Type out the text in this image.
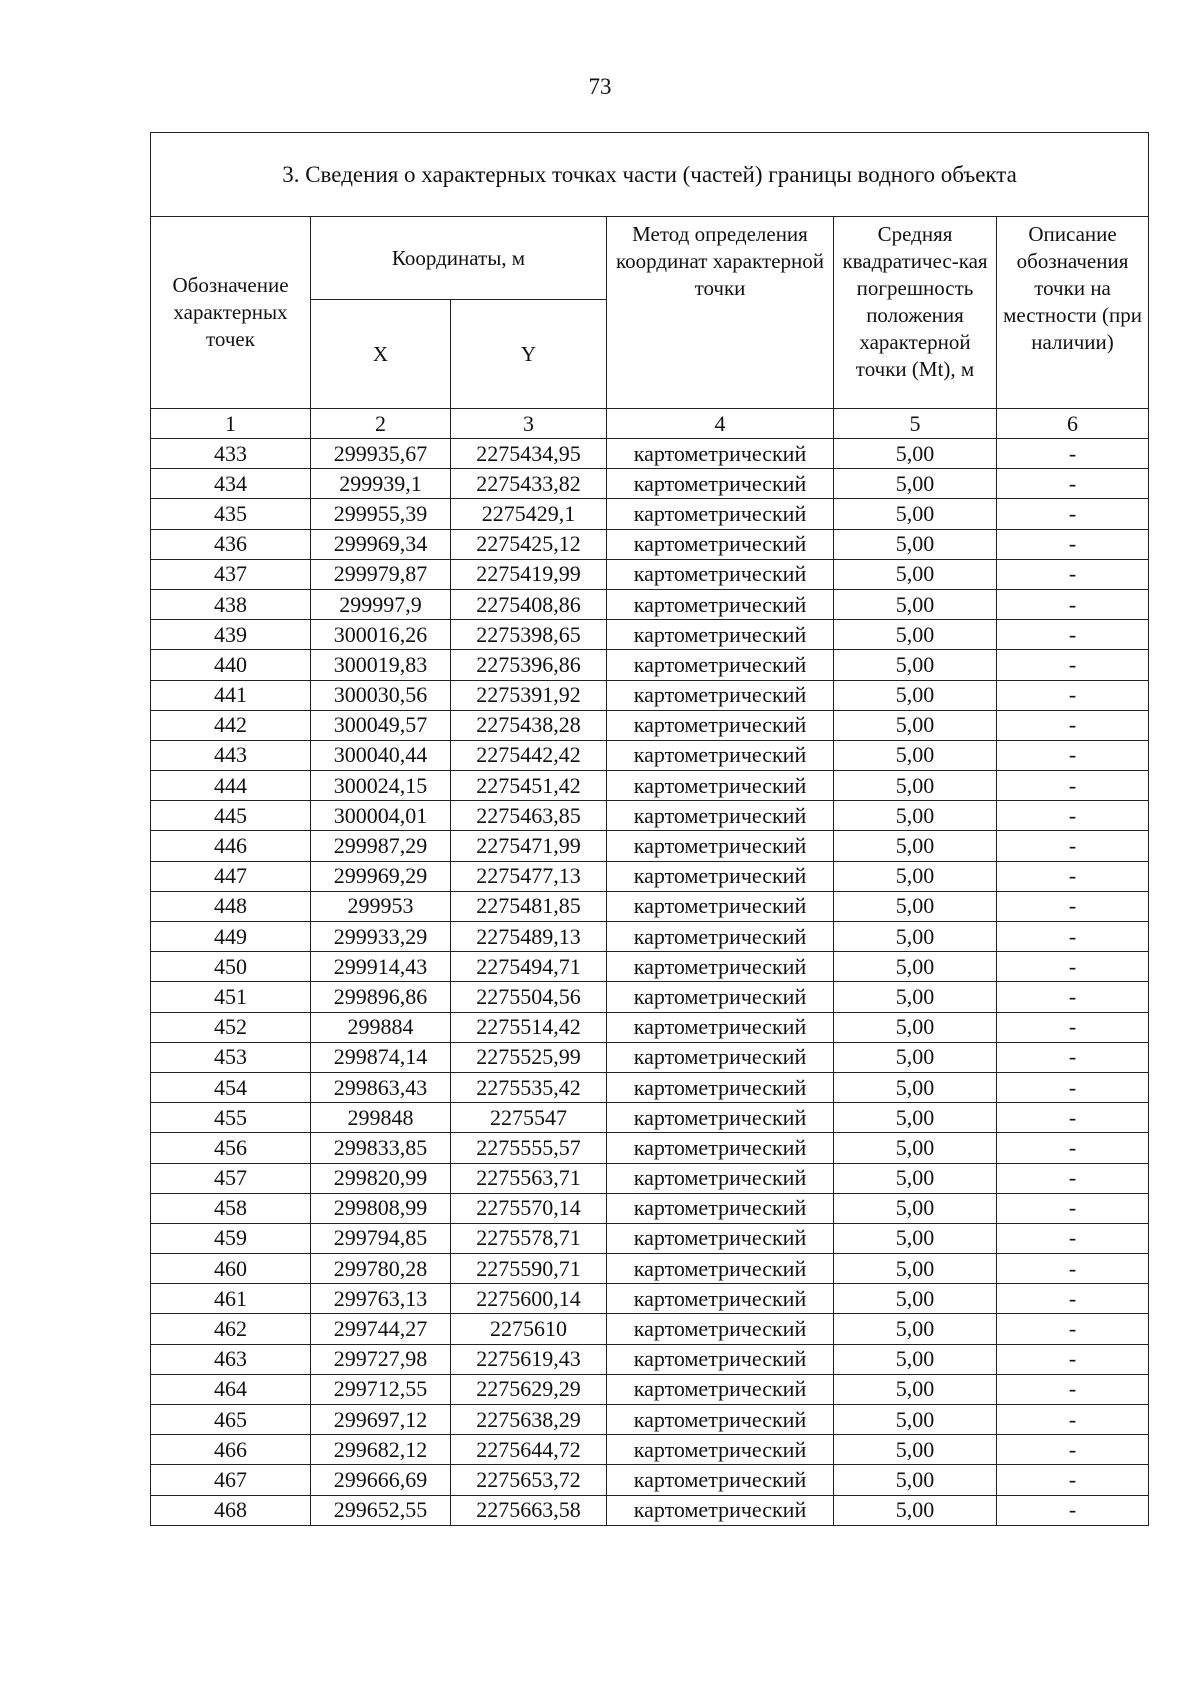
73
3. Сведения о характерных точках части (частей) границы водного объекта					
Обозначение характерных точек	Координаты, м		Метод определения координат характерной точки	Средняя квадратичес-кая погрешность положения характерной точки (Mt), м	Описание обозначения точки на местности (при наличии)
	X	Y			
1	2	3	4	5	6
433	299935,67	2275434,95	картометрический	5,00	-
434	299939,1	2275433,82	картометрический	5,00	-
435	299955,39	2275429,1	картометрический	5,00	-
436	299969,34	2275425,12	картометрический	5,00	-
437	299979,87	2275419,99	картометрический	5,00	-
438	299997,9	2275408,86	картометрический	5,00	-
439	300016,26	2275398,65	картометрический	5,00	-
440	300019,83	2275396,86	картометрический	5,00	-
441	300030,56	2275391,92	картометрический	5,00	-
442	300049,57	2275438,28	картометрический	5,00	-
443	300040,44	2275442,42	картометрический	5,00	-
444	300024,15	2275451,42	картометрический	5,00	-
445	300004,01	2275463,85	картометрический	5,00	-
446	299987,29	2275471,99	картометрический	5,00	-
447	299969,29	2275477,13	картометрический	5,00	-
448	299953	2275481,85	картометрический	5,00	-
449	299933,29	2275489,13	картометрический	5,00	-
450	299914,43	2275494,71	картометрический	5,00	-
451	299896,86	2275504,56	картометрический	5,00	-
452	299884	2275514,42	картометрический	5,00	-
453	299874,14	2275525,99	картометрический	5,00	-
454	299863,43	2275535,42	картометрический	5,00	-
455	299848	2275547	картометрический	5,00	-
456	299833,85	2275555,57	картометрический	5,00	-
457	299820,99	2275563,71	картометрический	5,00	-
458	299808,99	2275570,14	картометрический	5,00	-
459	299794,85	2275578,71	картометрический	5,00	-
460	299780,28	2275590,71	картометрический	5,00	-
461	299763,13	2275600,14	картометрический	5,00	-
462	299744,27	2275610	картометрический	5,00	-
463	299727,98	2275619,43	картометрический	5,00	-
464	299712,55	2275629,29	картометрический	5,00	-
465	299697,12	2275638,29	картометрический	5,00	-
466	299682,12	2275644,72	картометрический	5,00	-
467	299666,69	2275653,72	картометрический	5,00	-
468	299652,55	2275663,58	картометрический	5,00	-
